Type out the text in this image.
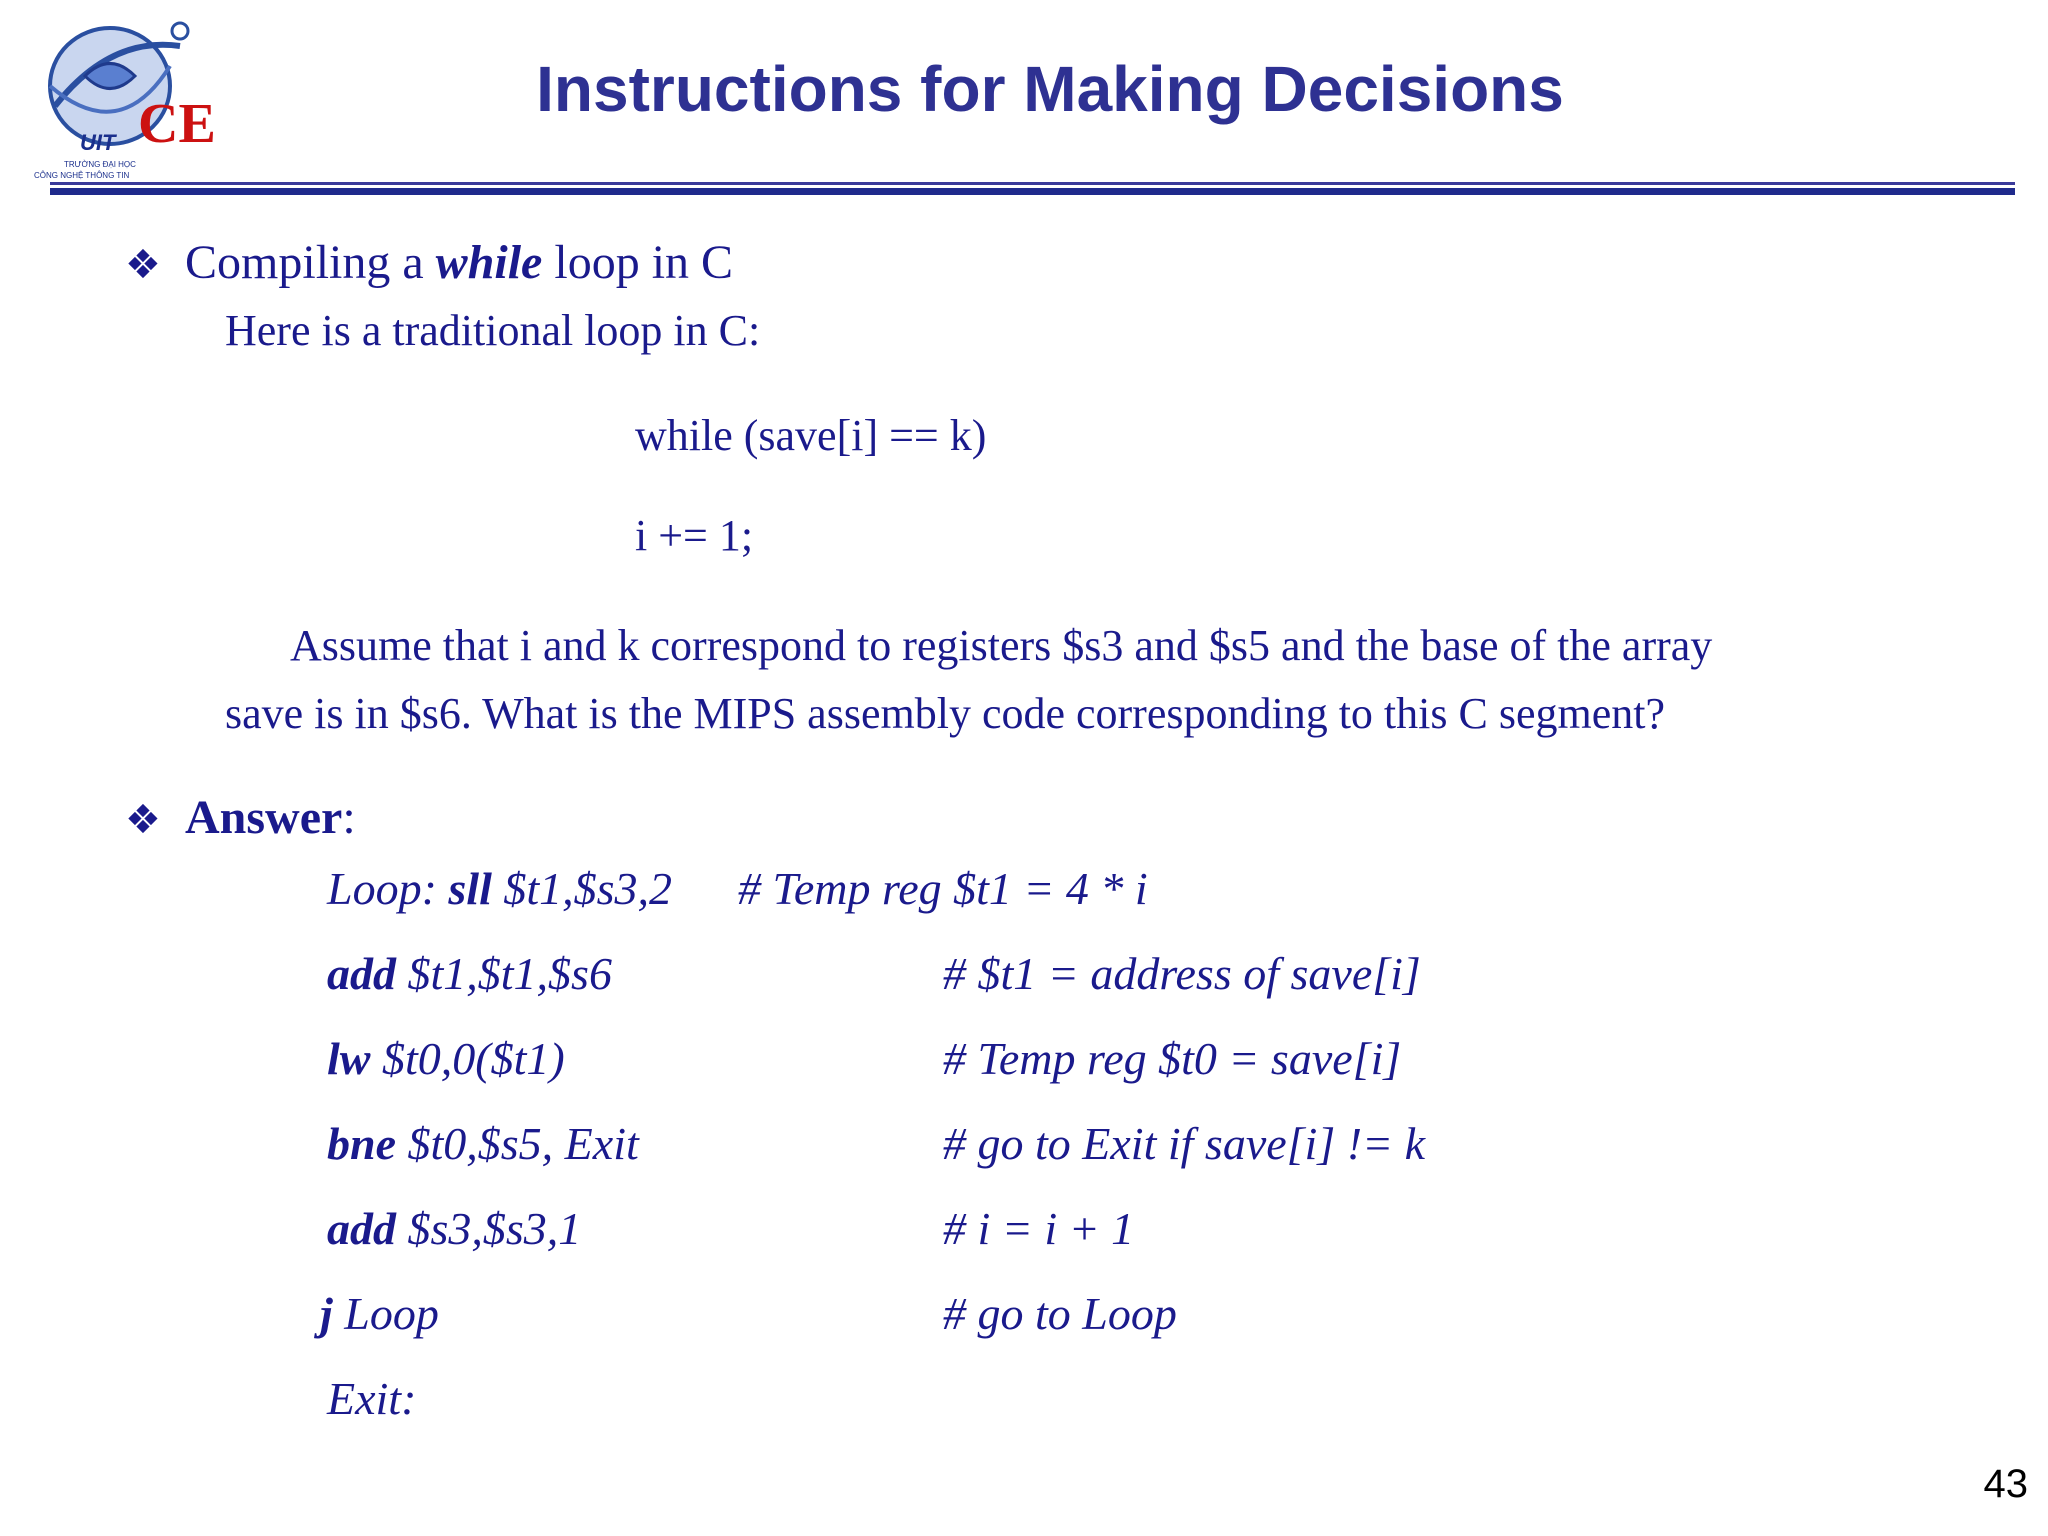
CE
UIT
TRƯỜNG ĐẠI HỌC
CÔNG NGHỆ THÔNG TIN
Instructions for Making Decisions
❖ Compiling a while loop in C
Here is a traditional loop in C:
while (save[i] == k)
i += 1;
Assume that i and k correspond to registers $s3 and $s5 and the base of the array
save is in $s6. What is the MIPS assembly code corresponding to this C segment?
❖ Answer:
Loop: sll $t1,$s3,2 # Temp reg $t1 = 4 * i
add $t1,$t1,$s6	# $t1 = address of save[i]
lw $t0,0($t1)	# Temp reg $t0 = save[i]
bne $t0,$s5, Exit	# go to Exit if save[i] != k
add $s3,$s3,1	# i = i + 1
j Loop	# go to Loop
Exit:
43
